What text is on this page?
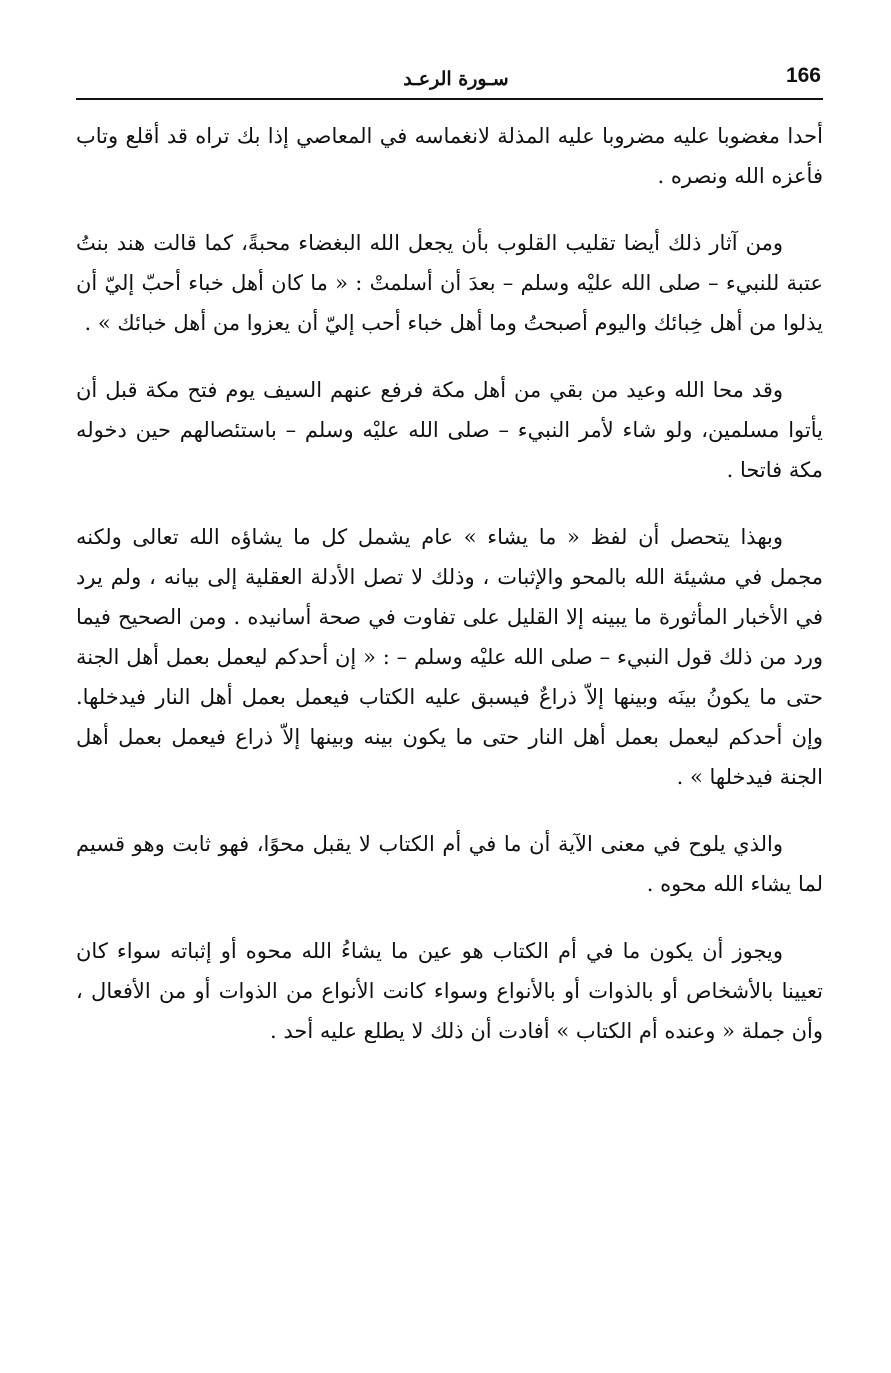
166
سـورة الرعـد

أحدا مغضوبا عليه مضروبا عليه المذلة لانغماسه في المعاصي إذا بك تراه قد أقلع وتاب فأعزه الله ونصره .

ومن آثار ذلك أيضا تقليب القلوب بأن يجعل الله البغضاء محبةً، كما قالت هند بنتُ عتبة للنبيء – صلى الله عليْه وسلم – بعدَ أن أسلمتْ : « ما كان أهل خباء أحبّ إليّ أن يذلوا من أهل خِبائك واليوم أصبحتُ وما أهل خباء أحب إليّ أن يعزوا من أهل خبائك » .

وقد محا الله وعيد من بقي من أهل مكة فرفع عنهم السيف يوم فتح مكة قبل أن يأتوا مسلمين، ولو شاء لأمر النبيء – صلى الله عليْه وسلم – باستئصالهم حين دخوله مكة فاتحا .

وبهذا يتحصل أن لفظ « ما يشاء » عام يشمل كل ما يشاؤه الله تعالى ولكنه مجمل في مشيئة الله بالمحو والإثبات ، وذلك لا تصل الأدلة العقلية إلى بيانه ، ولم يرد في الأخبار المأثورة ما يبينه إلا القليل على تفاوت في صحة أسانيده . ومن الصحيح فيما ورد من ذلك قول النبيء – صلى الله عليْه وسلم – : « إن أحدكم ليعمل بعمل أهل الجنة حتى ما يكونُ بينَه وبينها إلاّ ذراعٌ فيسبق عليه الكتاب فيعمل بعمل أهل النار فيدخلها. وإن أحدكم ليعمل بعمل أهل النار حتى ما يكون بينه وبينها إلاّ ذراع فيعمل بعمل أهل الجنة فيدخلها » .

والذي يلوح في معنى الآية أن ما في أم الكتاب لا يقبل محوًا، فهو ثابت وهو قسيم لما يشاء الله محوه .

ويجوز أن يكون ما في أم الكتاب هو عين ما يشاءُ الله محوه أو إثباته سواء كان تعيينا بالأشخاص أو بالذوات أو بالأنواع وسواء كانت الأنواع من الذوات أو من الأفعال ، وأن جملة « وعنده أم الكتاب » أفادت أن ذلك لا يطلع عليه أحد .
